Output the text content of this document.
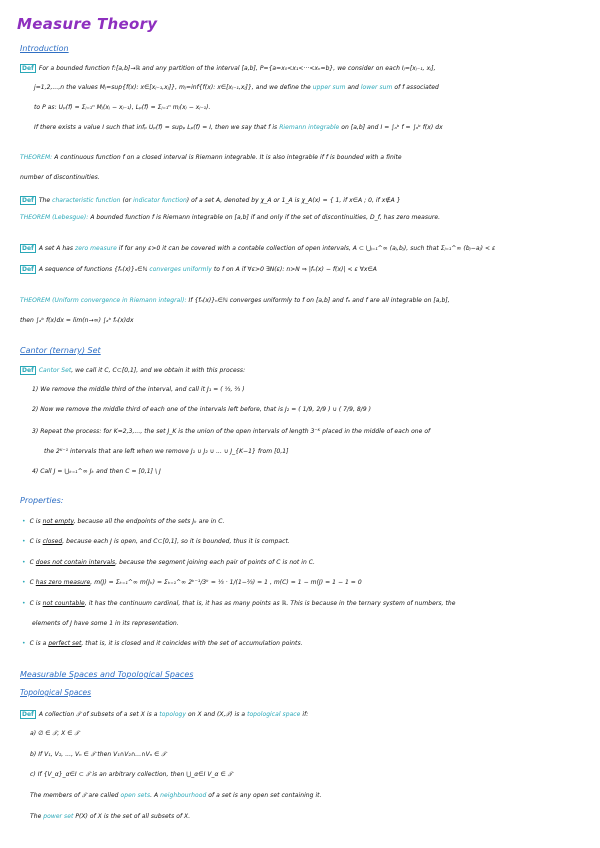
Measure Theory
Introduction
Def For a bounded function f:[a,b]→ℝ and any partition of the interval [a,b], P={a=x₀<x₁<···<xₙ=b}, we consider on each Iⱼ=[xⱼ₋₁, xⱼ],
j=1,2,...,n the values Mⱼ=sup{f(x): x∈[xⱼ₋₁,xⱼ]}, mⱼ=inf{f(x): x∈[xⱼ₋₁,xⱼ]}, and we define the upper sum and lower sum of f associated
to P as: Uₚ(f) = Σⱼ₌₁ⁿ Mⱼ(xⱼ − xⱼ₋₁), Lₚ(f) = Σⱼ₌₁ⁿ mⱼ(xⱼ − xⱼ₋₁).
If there exists a value I such that infₚ Uₚ(f) = supₚ Lₚ(f) = I, then we say that f is Riemann integrable on [a,b] and I = ∫ₐᵇ f = ∫ₐᵇ f(x) dx
THEOREM: A continuous function f on a closed interval is Riemann integrable. It is also integrable if f is bounded with a finite
number of discontinuities.
Def The characteristic function (or indicator function) of a set A, denoted by χ_A or 1_A is χ_A(x) = { 1, if x∈A ; 0, if x∉A }
THEOREM (Lebesgue): A bounded function f is Riemann integrable on [a,b] if and only if the set of discontinuities, D_f, has zero measure.
Def A set A has zero measure if for any ε>0 it can be covered with a contable collection of open intervals, A ⊂ ⋃ⱼ₌₁^∞ (aⱼ,bⱼ), such that Σⱼ₌₁^∞ (bⱼ−aⱼ) < ε
Def A sequence of functions {fₙ(x)}ₙ∈ℕ converges uniformly to f on A if ∀ε>0 ∃N(ε): n>N ⇒ |fₙ(x) − f(x)| < ε ∀x∈A
THEOREM (Uniform convergence in Riemann integral): If {fₙ(x)}ₙ∈ℕ converges uniformly to f on [a,b] and fₙ and f are all integrable on [a,b],
then ∫ₐᵇ f(x)dx = lim(n→∞) ∫ₐᵇ fₙ(x)dx
Cantor (ternary) Set
Def Cantor Set, we call it C, C⊂[0,1], and we obtain it with this process:
1) We remove the middle third of the interval, and call it J₁ = ( ⅓, ⅔ )
2) Now we remove the middle third of each one of the intervals left before, that is J₂ = ( 1/9, 2/9 ) ∪ ( 7/9, 8/9 )
3) Repeat the process: for K=2,3,..., the set J_K is the union of the open intervals of length 3⁻ᴷ placed in the middle of each one of
the 2ᴷ⁻¹ intervals that are left when we remove J₁ ∪ J₂ ∪ ... ∪ J_{K−1} from [0,1]
4) Call J = ⋃ₖ₌₁^∞ Jₖ and then C = [0,1] \ J
Properties:
• C is not empty, because all the endpoints of the sets Jₖ are in C.
• C is closed, because each J is open, and C⊂[0,1], so it is bounded, thus it is compact.
• C does not contain intervals, because the segment joining each pair of points of C is not in C.
• C has zero measure, m(J) = Σₖ₌₁^∞ m(Jₖ) = Σₖ₌₁^∞ 2ᵏ⁻¹/3ᵏ = ⅓ · 1/(1−⅔) = 1 , m(C) = 1 − m(J) = 1 − 1 = 0
• C is not countable, it has the continuum cardinal, that is, it has as many points as ℝ. This is because in the ternary system of numbers, the
elements of J have some 1 in its representation.
• C is a perfect set, that is, it is closed and it coincides with the set of accumulation points.
Measurable Spaces and Topological Spaces
Topological Spaces
Def A collection 𝒯 of subsets of a set X is a topology on X and (X,𝒯) is a topological space if:
a) ∅ ∈ 𝒯, X ∈ 𝒯
b) If V₁, V₂, ..., Vₙ ∈ 𝒯 then V₁∩V₂∩...∩Vₙ ∈ 𝒯
c) If {V_α}_α∈I ⊂ 𝒯 is an arbitrary collection, then ⋃_α∈I V_α ∈ 𝒯
The members of 𝒯 are called open sets. A neighbourhood of a set is any open set containing it.
The power set P(X) of X is the set of all subsets of X.
